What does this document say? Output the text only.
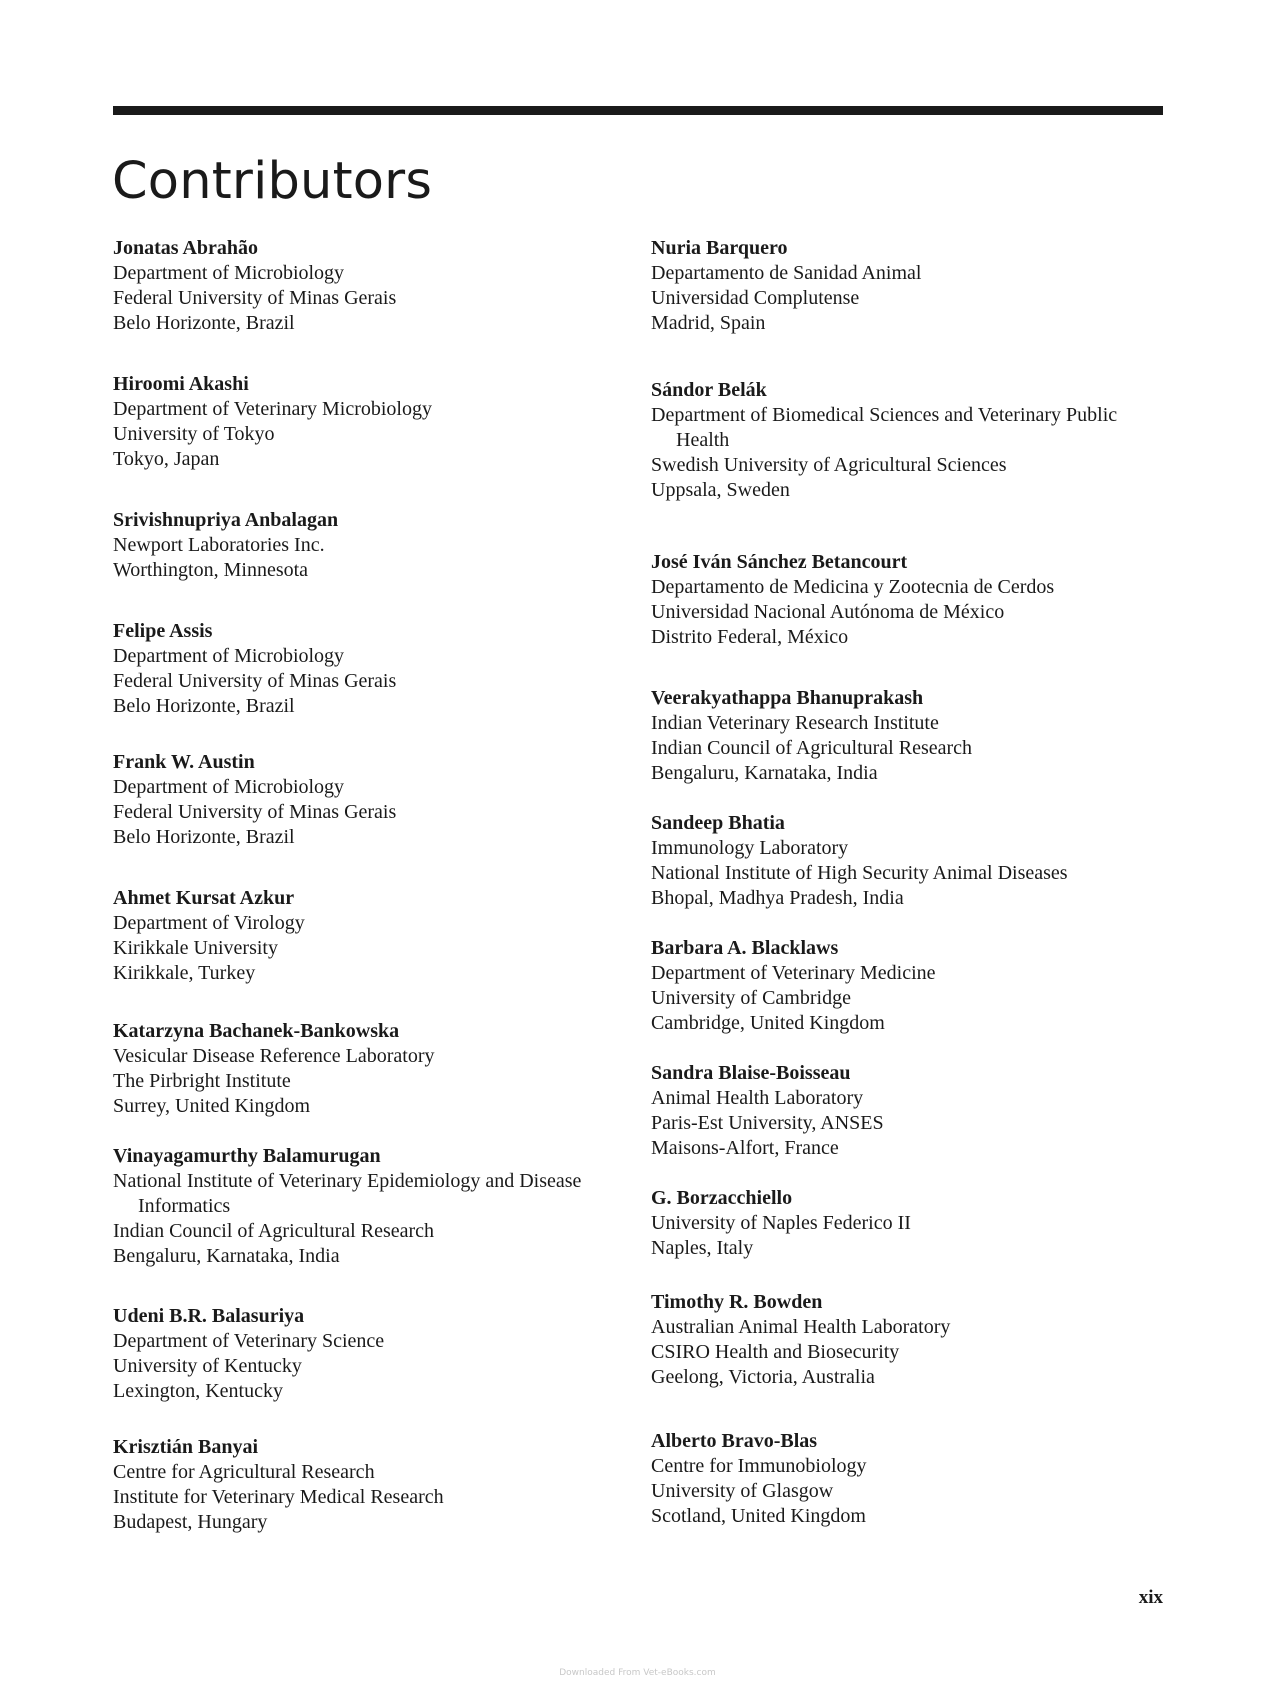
Contributors
Jonatas Abrahão
Department of Microbiology
Federal University of Minas Gerais
Belo Horizonte, Brazil
Hiroomi Akashi
Department of Veterinary Microbiology
University of Tokyo
Tokyo, Japan
Srivishnupriya Anbalagan
Newport Laboratories Inc.
Worthington, Minnesota
Felipe Assis
Department of Microbiology
Federal University of Minas Gerais
Belo Horizonte, Brazil
Frank W. Austin
Department of Microbiology
Federal University of Minas Gerais
Belo Horizonte, Brazil
Ahmet Kursat Azkur
Department of Virology
Kirikkale University
Kirikkale, Turkey
Katarzyna Bachanek-Bankowska
Vesicular Disease Reference Laboratory
The Pirbright Institute
Surrey, United Kingdom
Vinayagamurthy Balamurugan
National Institute of Veterinary Epidemiology and Disease
Informatics
Indian Council of Agricultural Research
Bengaluru, Karnataka, India
Udeni B.R. Balasuriya
Department of Veterinary Science
University of Kentucky
Lexington, Kentucky
Krisztián Banyai
Centre for Agricultural Research
Institute for Veterinary Medical Research
Budapest, Hungary
Nuria Barquero
Departamento de Sanidad Animal
Universidad Complutense
Madrid, Spain
Sándor Belák
Department of Biomedical Sciences and Veterinary Public
Health
Swedish University of Agricultural Sciences
Uppsala, Sweden
José Iván Sánchez Betancourt
Departamento de Medicina y Zootecnia de Cerdos
Universidad Nacional Autónoma de México
Distrito Federal, México
Veerakyathappa Bhanuprakash
Indian Veterinary Research Institute
Indian Council of Agricultural Research
Bengaluru, Karnataka, India
Sandeep Bhatia
Immunology Laboratory
National Institute of High Security Animal Diseases
Bhopal, Madhya Pradesh, India
Barbara A. Blacklaws
Department of Veterinary Medicine
University of Cambridge
Cambridge, United Kingdom
Sandra Blaise-Boisseau
Animal Health Laboratory
Paris-Est University, ANSES
Maisons-Alfort, France
G. Borzacchiello
University of Naples Federico II
Naples, Italy
Timothy R. Bowden
Australian Animal Health Laboratory
CSIRO Health and Biosecurity
Geelong, Victoria, Australia
Alberto Bravo-Blas
Centre for Immunobiology
University of Glasgow
Scotland, United Kingdom
xix
Downloaded From Vet-eBooks.com
